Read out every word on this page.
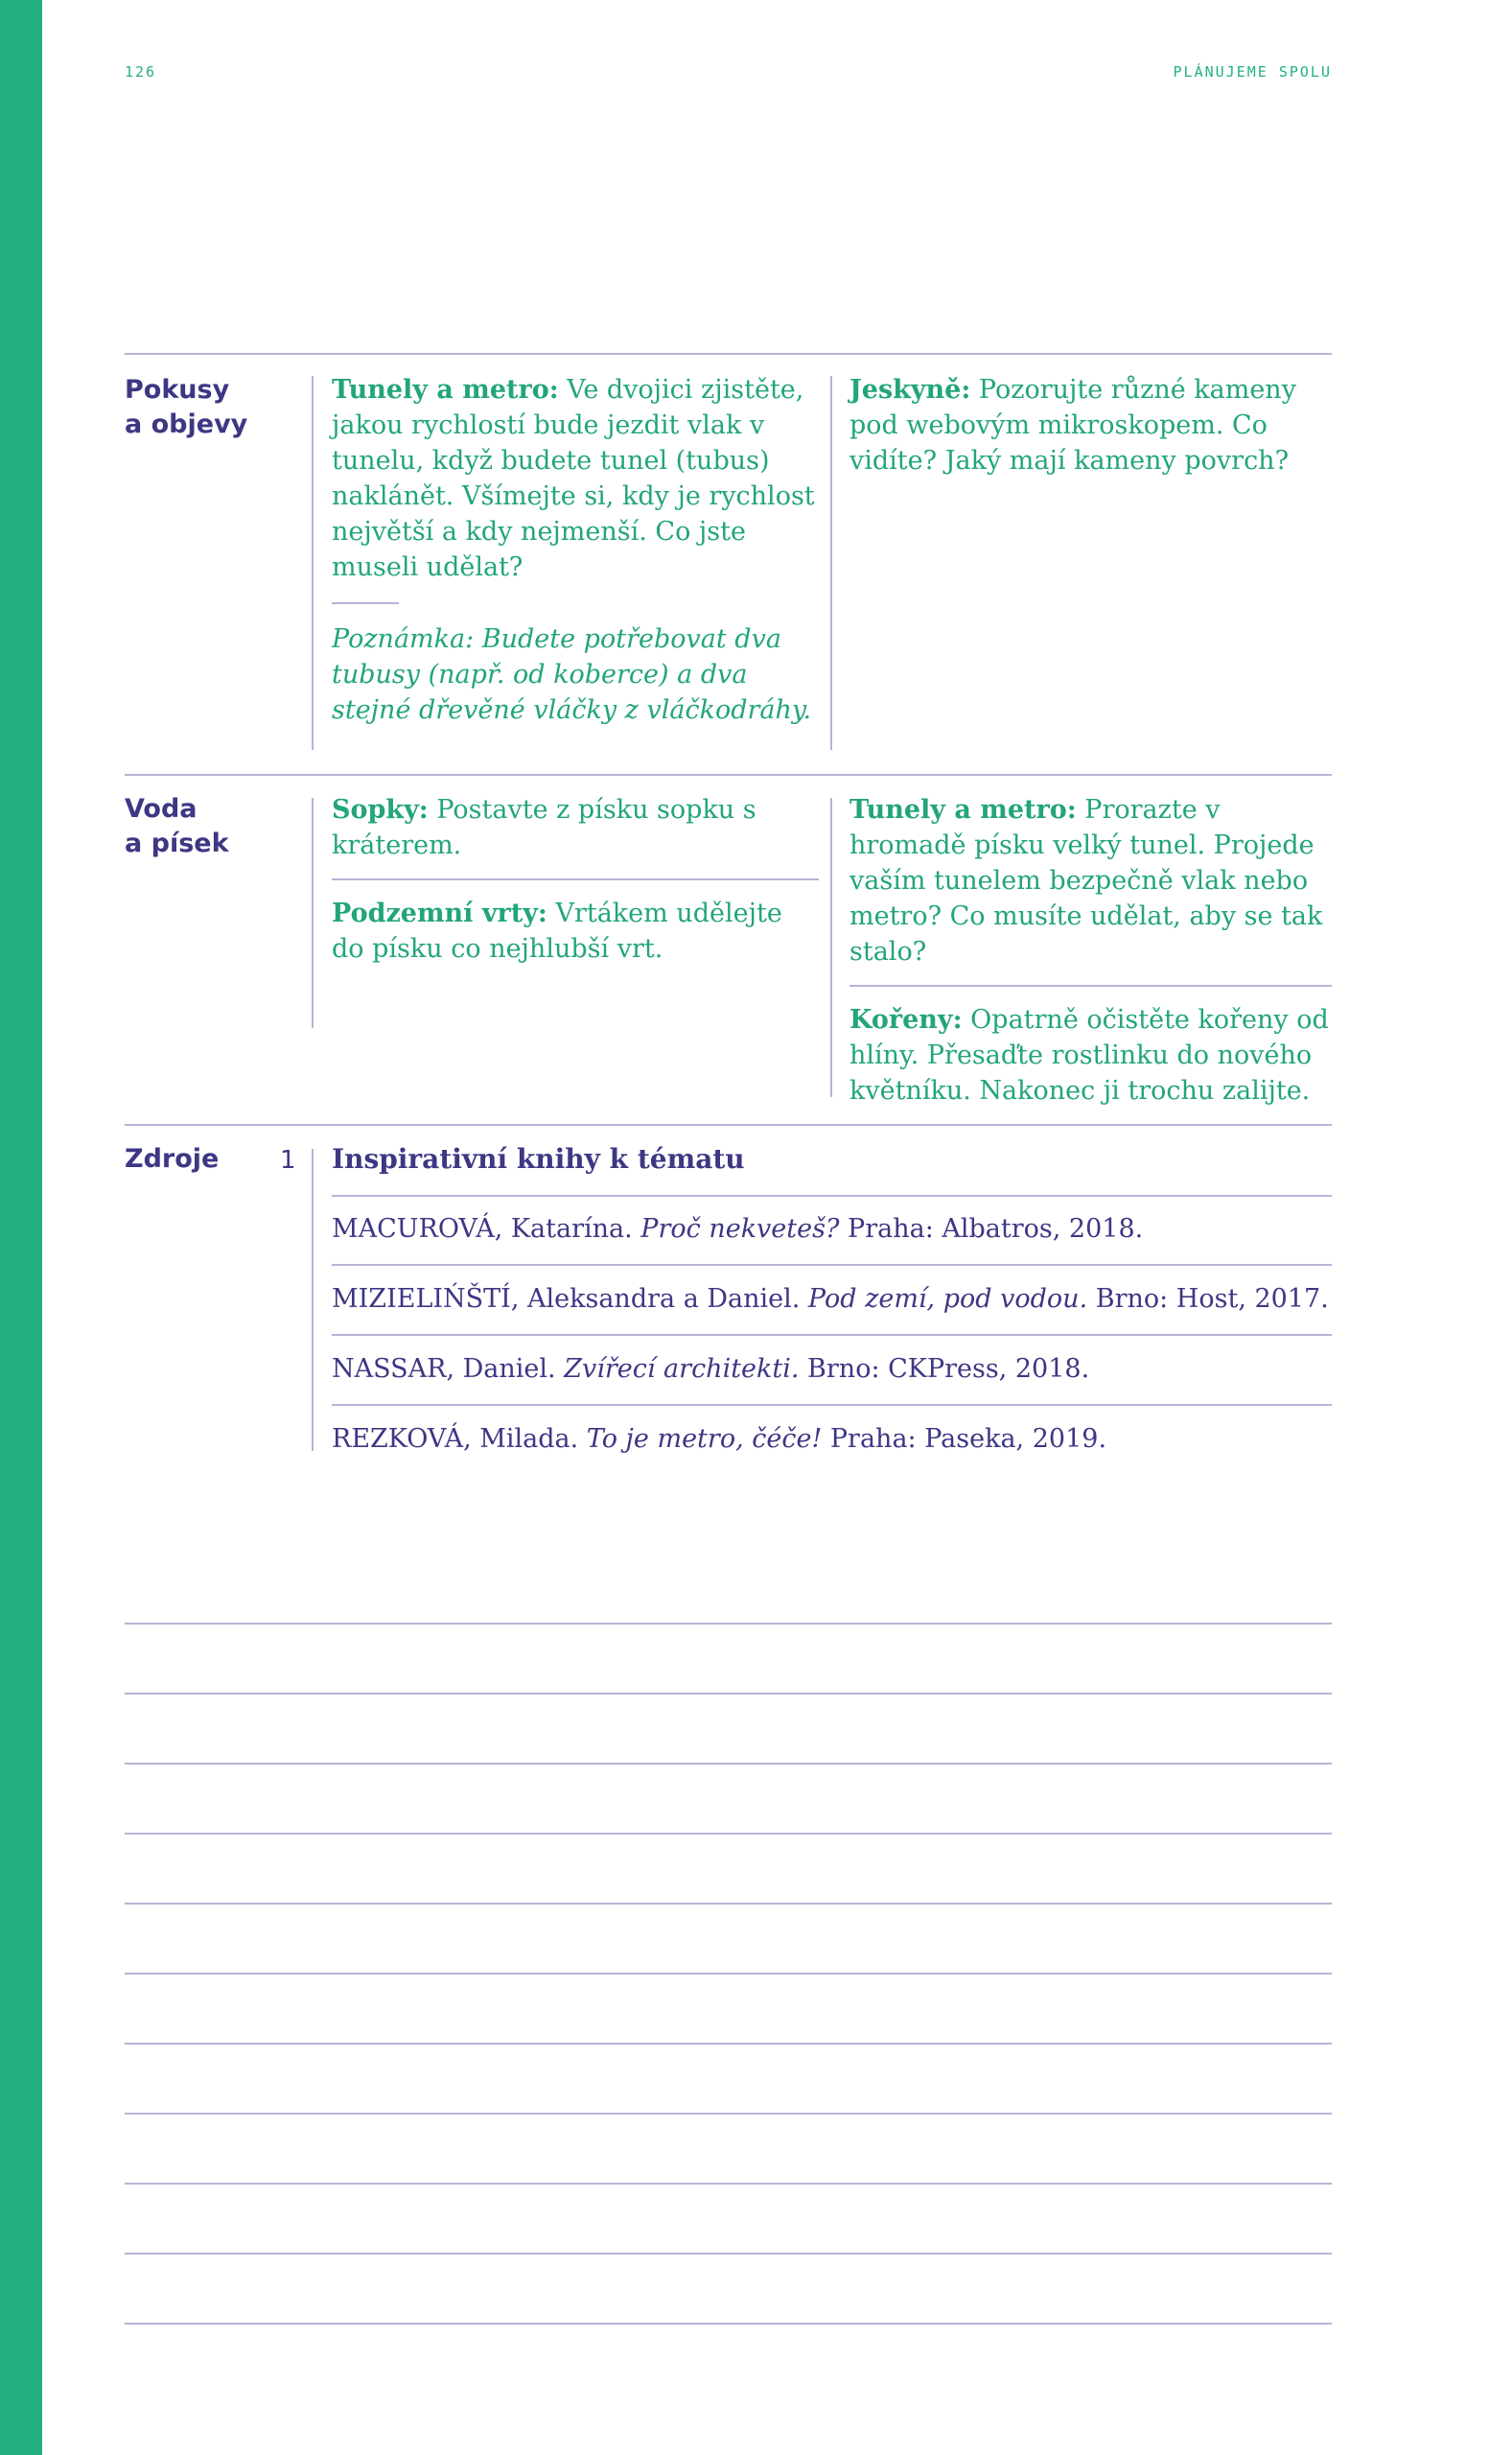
126	PLÁNUJEME SPOLU
Pokusy
a objevy
Tunely a metro: Ve dvojici zjistěte, jakou rychlostí bude jezdit vlak v tunelu, když budete tunel (tubus) naklánět. Všímejte si, kdy je rychlost největší a kdy nejmenší. Co jste museli udělat?
Poznámka: Budete potřebovat dva tubusy (např. od koberce) a dva stejné dřevěné vláčky z vláčkodráhy.
Jeskyně: Pozorujte různé kameny pod webovým mikroskopem. Co vidíte? Jaký mají kameny povrch?
Voda
a písek
Sopky: Postavte z písku sopku s kráterem.
Podzemní vrty: Vrtákem udělejte do písku co nejhlubší vrt.
Tunely a metro: Prorazte v hromadě písku velký tunel. Projede vaším tunelem bezpečně vlak nebo metro? Co musíte udělat, aby se tak stalo?
Kořeny: Opatrně očistěte kořeny od hlíny. Přesaďte rostlinku do nového květníku. Nakonec ji trochu zalijte.
Zdroje 1 Inspirativní knihy k tématu
MACUROVÁ, Katarína. Proč nekveteš? Praha: Albatros, 2018.
MIZIELIŃŠTÍ, Aleksandra a Daniel. Pod zemí, pod vodou. Brno: Host, 2017.
NASSAR, Daniel. Zvířecí architekti. Brno: CKPress, 2018.
REZKOVÁ, Milada. To je metro, čéče! Praha: Paseka, 2019.
